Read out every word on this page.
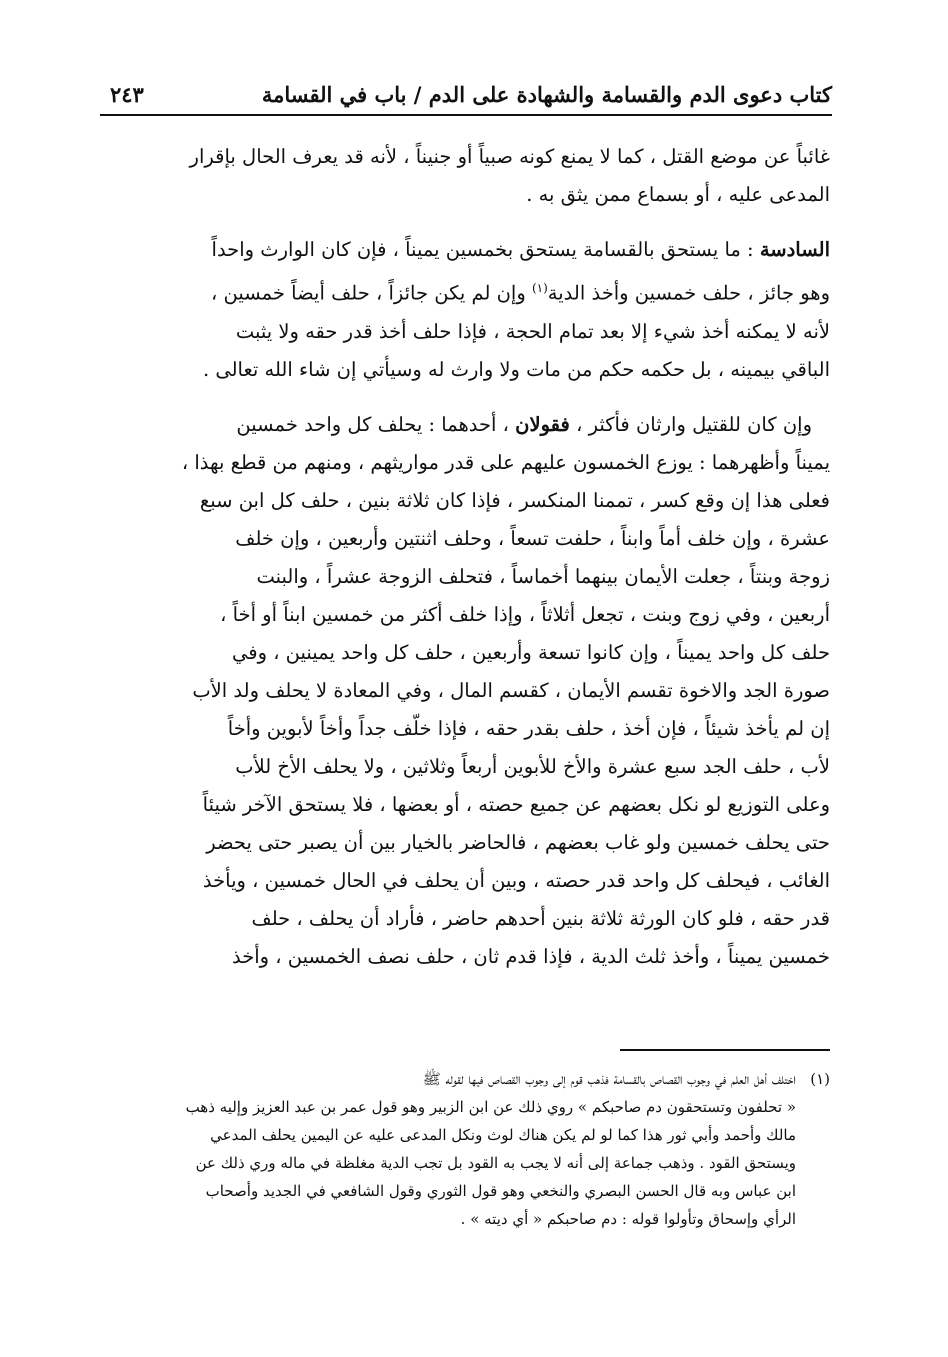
كتاب دعوى الدم والقسامة والشهادة على الدم / باب في القسامة
٢٤٣
غائباً عن موضع القتل ، كما لا يمنع كونه صبياً أو جنيناً ، لأنه قد يعرف الحال بإقرار
المدعى عليه ، أو بسماع ممن يثق به .
السادسة : ما يستحق بالقسامة يستحق بخمسين يميناً ، فإن كان الوارث واحداً
وهو جائز ، حلف خمسين وأخذ الدية$^{(١)}$ وإن لم يكن جائزاً ، حلف أيضاً خمسين ،
لأنه لا يمكنه أخذ شيء إلا بعد تمام الحجة ، فإذا حلف أخذ قدر حقه ولا يثبت
الباقي بيمينه ، بل حكمه حكم من مات ولا وارث له وسيأتي إن شاء الله تعالى .
وإن كان للقتيل وارثان فأكثر ، فقولان ، أحدهما : يحلف كل واحد خمسين
يميناً وأظهرهما : يوزع الخمسون عليهم على قدر مواريثهم ، ومنهم من قطع بهذا ،
فعلى هذا إن وقع كسر ، تممنا المنكسر ، فإذا كان ثلاثة بنين ، حلف كل ابن سبع
عشرة ، وإن خلف أماً وابناً ، حلفت تسعاً ، وحلف اثنتين وأربعين ، وإن خلف
زوجة وبنتاً ، جعلت الأيمان بينهما أخماساً ، فتحلف الزوجة عشراً ، والبنت
أربعين ، وفي زوج وبنت ، تجعل أثلاثاً ، وإذا خلف أكثر من خمسين ابناً أو أخاً ،
حلف كل واحد يميناً ، وإن كانوا تسعة وأربعين ، حلف كل واحد يمينين ، وفي
صورة الجد والاخوة تقسم الأيمان ، كقسم المال ، وفي المعادة لا يحلف ولد الأب
إن لم يأخذ شيئاً ، فإن أخذ ، حلف بقدر حقه ، فإذا خلّف جداً وأخاً لأبوين وأخاً
لأب ، حلف الجد سبع عشرة والأخ للأبوين أربعاً وثلاثين ، ولا يحلف الأخ للأب
وعلى التوزيع لو نكل بعضهم عن جميع حصته ، أو بعضها ، فلا يستحق الآخر شيئاً
حتى يحلف خمسين ولو غاب بعضهم ، فالحاضر بالخيار بين أن يصبر حتى يحضر
الغائب ، فيحلف كل واحد قدر حصته ، وبين أن يحلف في الحال خمسين ، ويأخذ
قدر حقه ، فلو كان الورثة ثلاثة بنين أحدهم حاضر ، فأراد أن يحلف ، حلف
خمسين يميناً ، وأخذ ثلث الدية ، فإذا قدم ثان ، حلف نصف الخمسين ، وأخذ
(١)اختلف أهل العلم في وجوب القصاص بالقسامة فذهب قوم إلى وجوب القصاص فيها لقوله ﷺ
« تحلفون وتستحقون دم صاحبكم » روي ذلك عن ابن الزبير وهو قول عمر بن عبد العزيز وإليه ذهب
مالك وأحمد وأبي ثور هذا كما لو لم يكن هناك لوث ونكل المدعى عليه عن اليمين يحلف المدعي
ويستحق القود . وذهب جماعة إلى أنه لا يجب به القود بل تجب الدية مغلظة في ماله وري ذلك عن
ابن عباس وبه قال الحسن البصري والنخعي وهو قول الثوري وقول الشافعي في الجديد وأصحاب
الرأي وإسحاق وتأولوا قوله : دم صاحبكم « أي ديته » .
